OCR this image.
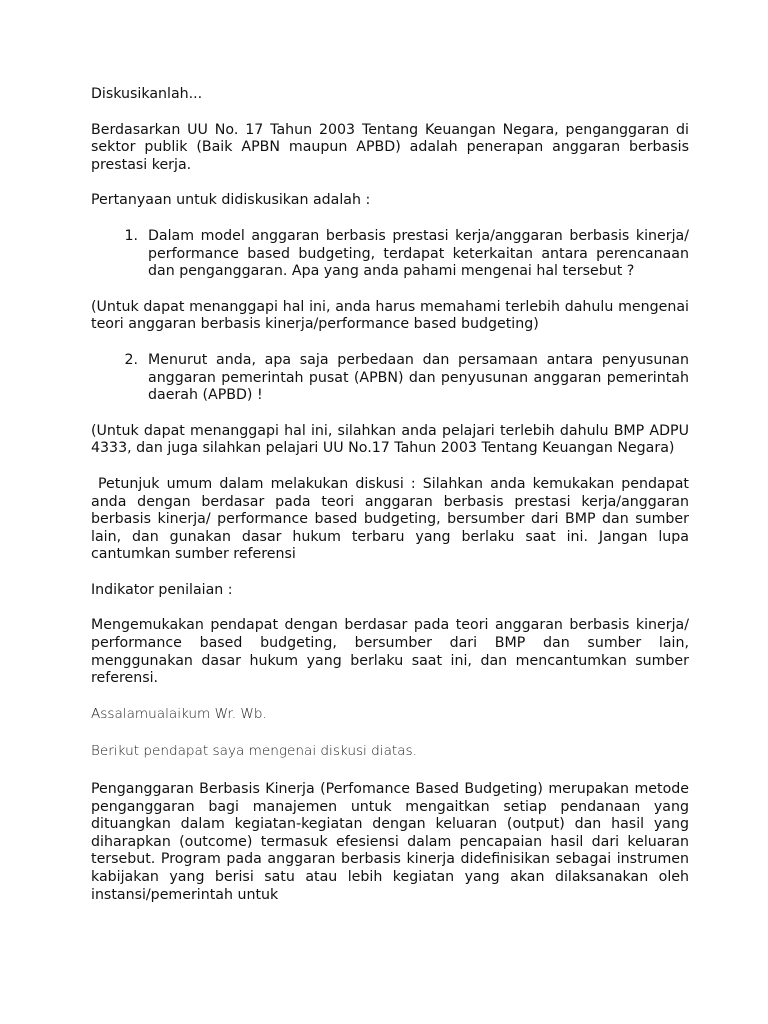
Diskusikanlah...

Berdasarkan UU No. 17 Tahun 2003 Tentang Keuangan Negara, penganggaran di sektor publik (Baik APBN maupun APBD) adalah penerapan anggaran berbasis prestasi kerja.

Pertanyaan untuk didiskusikan adalah :

1. Dalam model anggaran berbasis prestasi kerja/anggaran berbasis kinerja/ performance based budgeting, terdapat keterkaitan antara perencanaan dan penganggaran. Apa yang anda pahami mengenai hal tersebut ?

(Untuk dapat menanggapi hal ini, anda harus memahami terlebih dahulu mengenai teori anggaran berbasis kinerja/performance based budgeting)

2. Menurut anda, apa saja perbedaan dan persamaan antara penyusunan anggaran pemerintah pusat (APBN) dan penyusunan anggaran pemerintah daerah (APBD) !

(Untuk dapat menanggapi hal ini, silahkan anda pelajari terlebih dahulu BMP ADPU 4333, dan juga silahkan pelajari UU No.17 Tahun 2003 Tentang Keuangan Negara)

Petunjuk umum dalam melakukan diskusi : Silahkan anda kemukakan pendapat anda dengan berdasar pada teori anggaran berbasis prestasi kerja/anggaran berbasis kinerja/ performance based budgeting, bersumber dari BMP dan sumber lain, dan gunakan dasar hukum terbaru yang berlaku saat ini. Jangan lupa cantumkan sumber referensi

Indikator penilaian :

Mengemukakan pendapat dengan berdasar pada teori anggaran berbasis kinerja/ performance based budgeting, bersumber dari BMP dan sumber lain, menggunakan dasar hukum yang berlaku saat ini, dan mencantumkan sumber referensi.

Assalamualaikum Wr. Wb.

Berikut pendapat saya mengenai diskusi diatas.

Penganggaran Berbasis Kinerja (Perfomance Based Budgeting) merupakan metode penganggaran bagi manajemen untuk mengaitkan setiap pendanaan yang dituangkan dalam kegiatan-kegiatan dengan keluaran (output) dan hasil yang diharapkan (outcome) termasuk efesiensi dalam pencapaian hasil dari keluaran tersebut. Program pada anggaran berbasis kinerja didefinisikan sebagai instrumen kabijakan yang berisi satu atau lebih kegiatan yang akan dilaksanakan oleh instansi/pemerintah untuk
